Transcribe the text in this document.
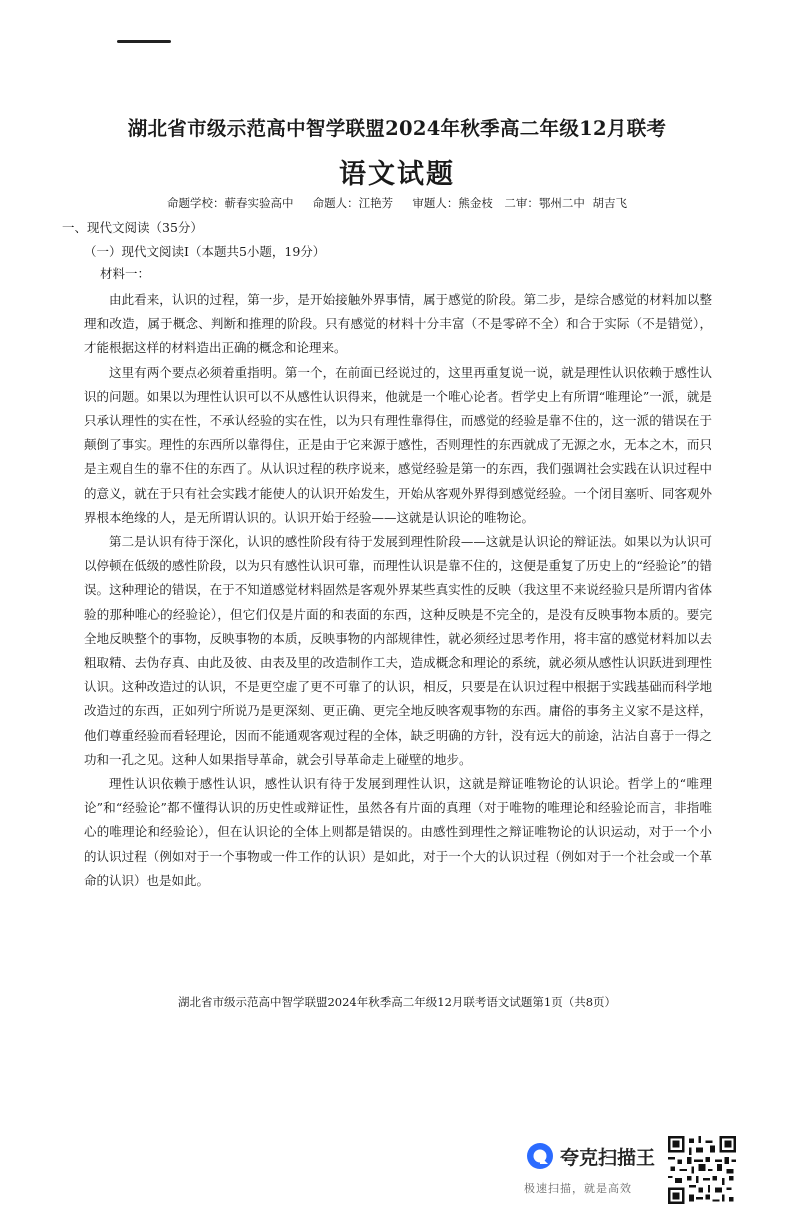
湖北省市级示范高中智学联盟2024年秋季高二年级12月联考
语文试题
命题学校：蕲春实验高中　 命题人：江艳芳　 审题人：熊金枝　二审：鄂州二中 胡吉飞
一、现代文阅读（35分）
（一）现代文阅读Ⅰ（本题共5小题，19分）
材料一：

由此看来，认识的过程，第一步，是开始接触外界事情，属于感觉的阶段。第二步，是综合感觉的材料加以整理和改造，属于概念、判断和推理的阶段。只有感觉的材料十分丰富（不是零碎不全）和合于实际（不是错觉），才能根据这样的材料造出正确的概念和论理来。

这里有两个要点必须着重指明。第一个，在前面已经说过的，这里再重复说一说，就是理性认识依赖于感性认识的问题。如果以为理性认识可以不从感性认识得来，他就是一个唯心论者。哲学史上有所谓“唯理论”一派，就是只承认理性的实在性，不承认经验的实在性，以为只有理性靠得住，而感觉的经验是靠不住的，这一派的错误在于颠倒了事实。理性的东西所以靠得住，正是由于它来源于感性，否则理性的东西就成了无源之水，无本之木，而只是主观自生的靠不住的东西了。从认识过程的秩序说来，感觉经验是第一的东西，我们强调社会实践在认识过程中的意义，就在于只有社会实践才能使人的认识开始发生，开始从客观外界得到感觉经验。一个闭目塞听、同客观外界根本绝缘的人，是无所谓认识的。认识开始于经验——这就是认识论的唯物论。

第二是认识有待于深化，认识的感性阶段有待于发展到理性阶段——这就是认识论的辩证法。如果以为认识可以停顿在低级的感性阶段，以为只有感性认识可靠，而理性认识是靠不住的，这便是重复了历史上的“经验论”的错误。这种理论的错误，在于不知道感觉材料固然是客观外界某些真实性的反映（我这里不来说经验只是所谓内省体验的那种唯心的经验论），但它们仅是片面的和表面的东西，这种反映是不完全的，是没有反映事物本质的。要完全地反映整个的事物，反映事物的本质，反映事物的内部规律性，就必须经过思考作用，将丰富的感觉材料加以去粗取精、去伪存真、由此及彼、由表及里的改造制作工夫，造成概念和理论的系统，就必须从感性认识跃进到理性认识。这种改造过的认识，不是更空虚了更不可靠了的认识，相反，只要是在认识过程中根据于实践基础而科学地改造过的东西，正如列宁所说乃是更深刻、更正确、更完全地反映客观事物的东西。庸俗的事务主义家不是这样，他们尊重经验而看轻理论，因而不能通观客观过程的全体，缺乏明确的方针，没有远大的前途，沾沾自喜于一得之功和一孔之见。这种人如果指导革命，就会引导革命走上碰壁的地步。

理性认识依赖于感性认识，感性认识有待于发展到理性认识，这就是辩证唯物论的认识论。哲学上的“唯理论”和“经验论”都不懂得认识的历史性或辩证性，虽然各有片面的真理（对于唯物的唯理论和经验论而言，非指唯心的唯理论和经验论），但在认识论的全体上则都是错误的。由感性到理性之辩证唯物论的认识运动，对于一个小的认识过程（例如对于一个事物或一件工作的认识）是如此，对于一个大的认识过程（例如对于一个社会或一个革命的认识）也是如此。

湖北省市级示范高中智学联盟2024年秋季高二年级12月联考语文试题第1页（共8页）
夸克扫描王
极速扫描，就是高效
